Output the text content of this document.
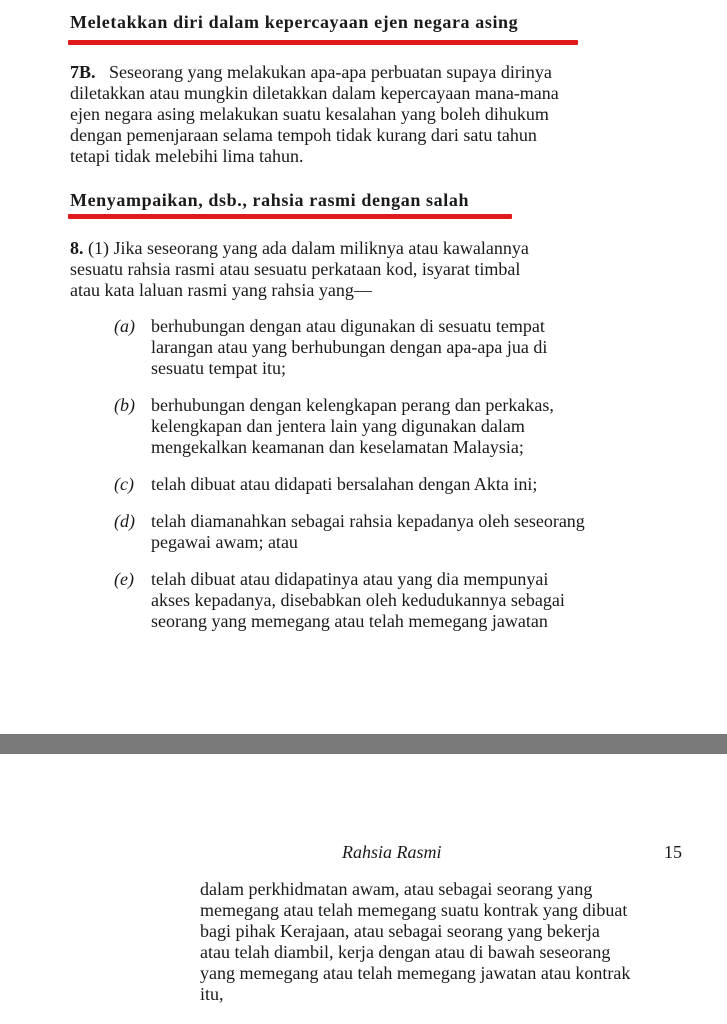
Meletakkan diri dalam kepercayaan ejen negara asing
7B. Seseorang yang melakukan apa-apa perbuatan supaya dirinya
diletakkan atau mungkin diletakkan dalam kepercayaan mana-mana
ejen negara asing melakukan suatu kesalahan yang boleh dihukum
dengan pemenjaraan selama tempoh tidak kurang dari satu tahun
tetapi tidak melebihi lima tahun.
Menyampaikan, dsb., rahsia rasmi dengan salah
8. (1) Jika seseorang yang ada dalam miliknya atau kawalannya
sesuatu rahsia rasmi atau sesuatu perkataan kod, isyarat timbal
atau kata laluan rasmi yang rahsia yang—
(a) berhubungan dengan atau digunakan di sesuatu tempat
larangan atau yang berhubungan dengan apa-apa jua di
sesuatu tempat itu;
(b) berhubungan dengan kelengkapan perang dan perkakas,
kelengkapan dan jentera lain yang digunakan dalam
mengekalkan keamanan dan keselamatan Malaysia;
(c) telah dibuat atau didapati bersalahan dengan Akta ini;
(d) telah diamanahkan sebagai rahsia kepadanya oleh seseorang
pegawai awam; atau
(e) telah dibuat atau didapatinya atau yang dia mempunyai
akses kepadanya, disebabkan oleh kedudukannya sebagai
seorang yang memegang atau telah memegang jawatan
Rahsia Rasmi	15
dalam perkhidmatan awam, atau sebagai seorang yang
memegang atau telah memegang suatu kontrak yang dibuat
bagi pihak Kerajaan, atau sebagai seorang yang bekerja
atau telah diambil, kerja dengan atau di bawah seseorang
yang memegang atau telah memegang jawatan atau kontrak
itu,
